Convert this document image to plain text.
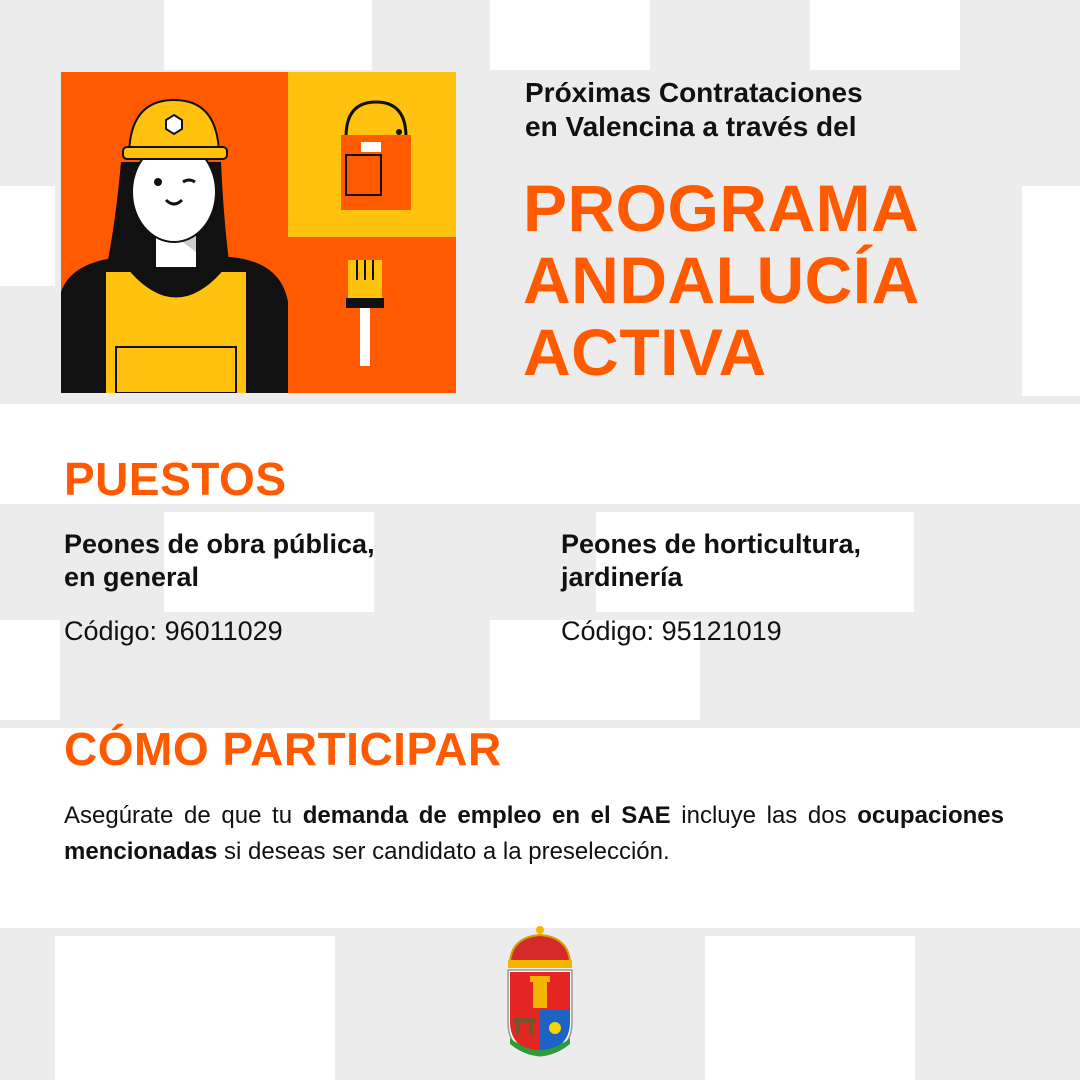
Próximas Contrataciones
en Valencina a través del
PROGRAMA
ANDALUCÍA
ACTIVA
PUESTOS
Peones de obra pública,
en general
Código: 96011029
Peones de horticultura,
jardinería
Código: 95121019
CÓMO PARTICIPAR
Asegúrate de que tu demanda de empleo en el SAE incluye las dos ocupaciones mencionadas si deseas ser candidato a la preselección.
